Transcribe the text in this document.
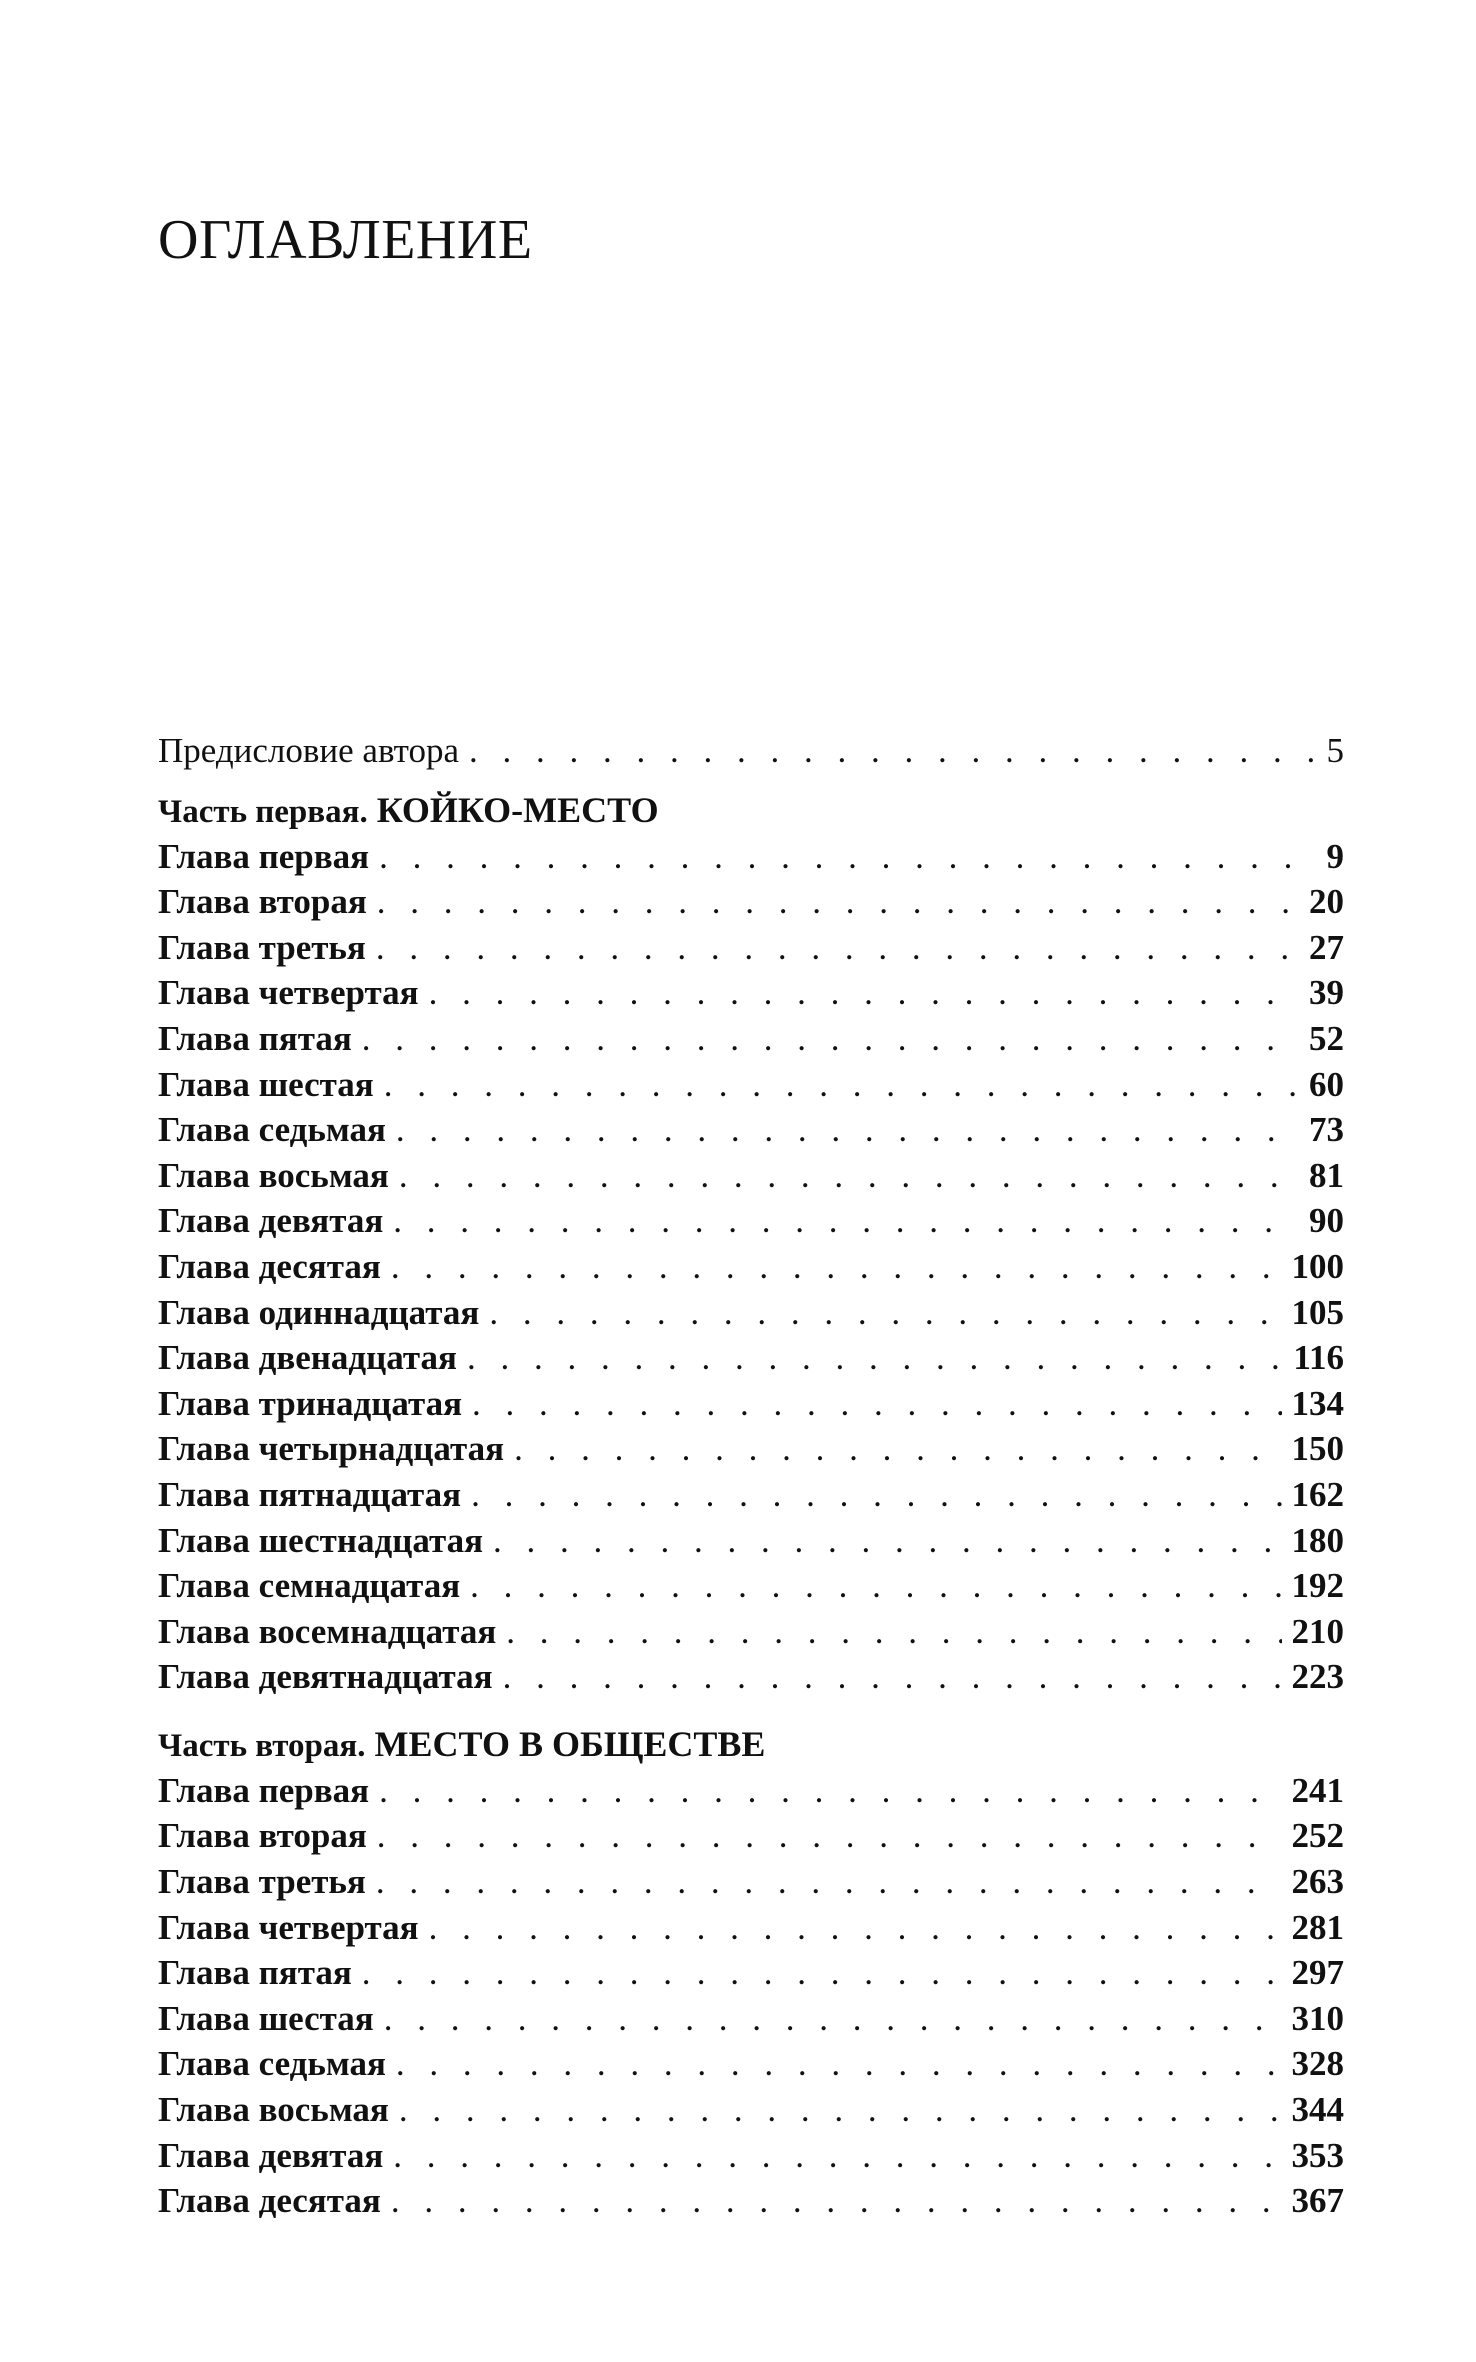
ОГЛАВЛЕНИЕ
Предисловие автора . . .	5
Часть первая. КОЙКО-МЕСТО
Глава первая . . .	9
Глава вторая . . .	20
Глава третья . . .	27
Глава четвертая . . .	39
Глава пятая . . .	52
Глава шестая . . .	60
Глава седьмая . . .	73
Глава восьмая . . .	81
Глава девятая . . .	90
Глава десятая . . .	100
Глава одиннадцатая . . .	105
Глава двенадцатая . . .	116
Глава тринадцатая . . .	134
Глава четырнадцатая . . .	150
Глава пятнадцатая . . .	162
Глава шестнадцатая . . .	180
Глава семнадцатая . . .	192
Глава восемнадцатая . . .	210
Глава девятнадцатая . . .	223
Часть вторая. МЕСТО В ОБЩЕСТВЕ
Глава первая . . .	241
Глава вторая . . .	252
Глава третья . . .	263
Глава четвертая . . .	281
Глава пятая . . .	297
Глава шестая . . .	310
Глава седьмая . . .	328
Глава восьмая . . .	344
Глава девятая . . .	353
Глава десятая . . .	367
